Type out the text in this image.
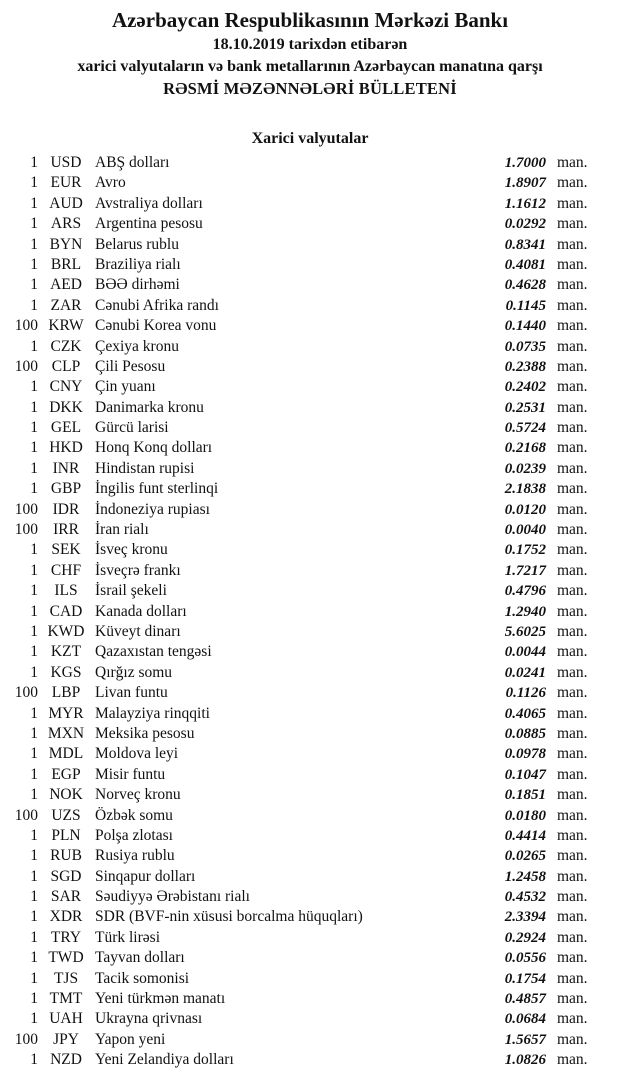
Azərbaycan Respublikasının Mərkəzi Bankı
18.10.2019 tarixdən etibarən
xarici valyutaların və bank metallarının Azərbaycan manatına qarşı
RƏSMİ MƏZƏNNƏLƏRİ BÜLLETENİ
Xarici valyutalar
1 USD ABŞ dolları	1.7000 man.
1 EUR Avro	1.8907 man.
1 AUD Avstraliya dolları	1.1612 man.
1 ARS Argentina pesosu	0.0292 man.
1 BYN Belarus rublu	0.8341 man.
1 BRL Braziliya rialı	0.4081 man.
1 AED BƏƏ dirhəmi	0.4628 man.
1 ZAR Cənubi Afrika randı	0.1145 man.
100 KRW Cənubi Korea vonu	0.1440 man.
1 CZK Çexiya kronu	0.0735 man.
100 CLP Çili Pesosu	0.2388 man.
1 CNY Çin yuanı	0.2402 man.
1 DKK Danimarka kronu	0.2531 man.
1 GEL Gürcü larisi	0.5724 man.
1 HKD Honq Konq dolları	0.2168 man.
1 INR	Hindistan rupisi	0.0239 man.
1 GBP İngilis funt sterlinqi	2.1838 man.
100 IDR	İndoneziya rupiası	0.0120 man.
100 IRR	İran rialı	0.0040 man.
1 SEK İsveç kronu	0.1752 man.
1 CHF İsveçrə frankı	1.7217 man.
1	ILS	İsrail şekeli	0.4796 man.
1 CAD Kanada dolları	1.2940 man.
1 KWD Küveyt dinarı	5.6025 man.
1 KZT Qazaxıstan tengəsi	0.0044 man.
1 KGS Qırğız somu	0.0241 man.
100 LBP Livan funtu	0.1126 man.
1 MYR Malayziya rinqqiti	0.4065 man.
1 MXN Meksika pesosu	0.0885 man.
1 MDL Moldova leyi	0.0978 man.
1 EGP Misir funtu	0.1047 man.
1 NOK Norveç kronu	0.1851 man.
100 UZS Özbək somu	0.0180 man.
1 PLN Polşa zlotası	0.4414 man.
1 RUB Rusiya rublu	0.0265 man.
1 SGD Sinqapur dolları	1.2458 man.
1 SAR Səudiyyə Ərəbistanı rialı	0.4532 man.
1 XDR SDR (BVF-nin xüsusi borcalma hüquqları)	2.3394 man.
1 TRY Türk lirəsi	0.2924 man.
1 TWD Tayvan dolları	0.0556 man.
1	TJS	Tacik somonisi	0.1754 man.
1 TMT Yeni türkmən manatı	0.4857 man.
1 UAH Ukrayna qrivnası	0.0684 man.
100 JPY	Yapon yeni	1.5657 man.
1 NZD Yeni Zelandiya dolları	1.0826 man.
